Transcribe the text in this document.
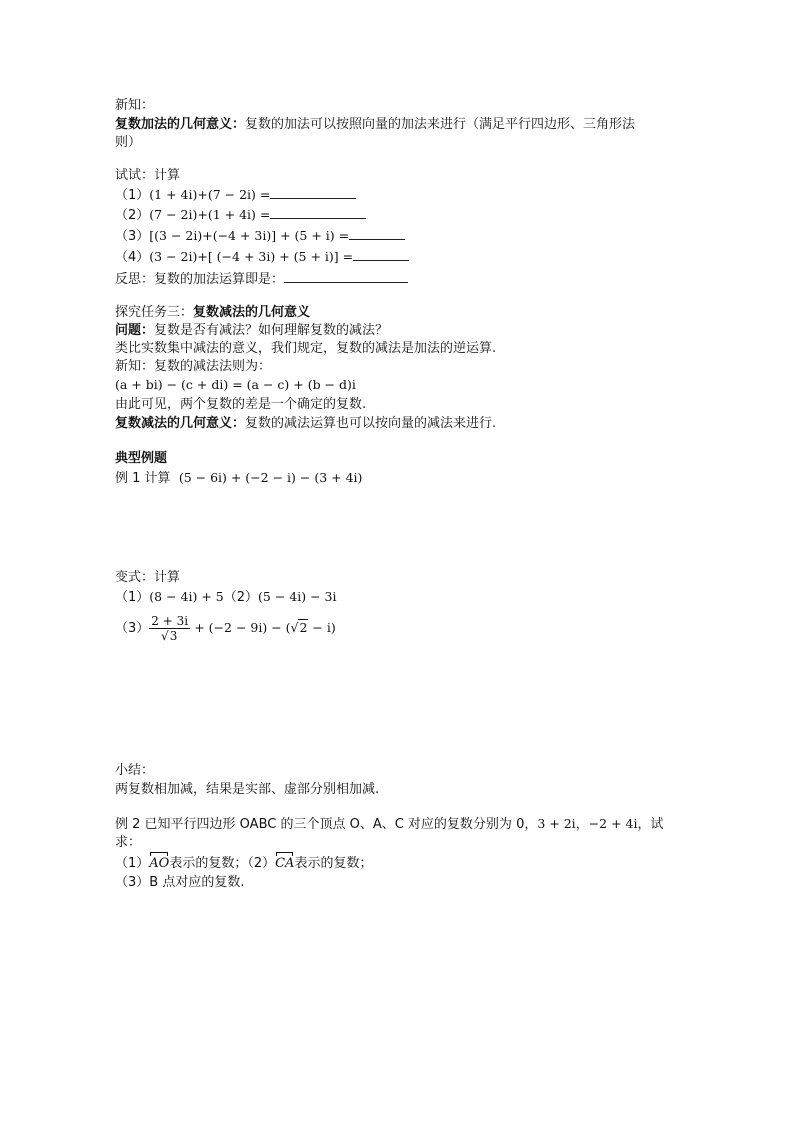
新知：
复数加法的几何意义：复数的加法可以按照向量的加法来进行（满足平行四边形、三角形法
则）
试试：计算
（1）(1 + 4i)+(7 − 2i) =
（2）(7 − 2i)+(1 + 4i) =
（3）[(3 − 2i)+(−4 + 3i)] + (5 + i) =
（4）(3 − 2i)+[ (−4 + 3i) + (5 + i)] =
反思：复数的加法运算即是：
探究任务三：复数减法的几何意义
问题：复数是否有减法？如何理解复数的减法？
类比实数集中减法的意义，我们规定，复数的减法是加法的逆运算.
新知：复数的减法法则为：
(a + bi) − (c + di) = (a − c) + (b − d)i
由此可见，两个复数的差是一个确定的复数.
复数减法的几何意义：复数的减法运算也可以按向量的减法来进行.
典型例题
例 1 计算 (5 − 6i) + (−2 − i) − (3 + 4i)
变式：计算
（1）(8 − 4i) + 5（2）(5 − 4i) − 3i
$(3) \frac{2 + 3i}{√3} + (-2 - 9i) - (√2 - i)$
小结：
两复数相加减，结果是实部、虚部分别相加减.
例 2 已知平行四边形 OABC 的三个顶点 O、A、C 对应的复数分别为 0，3 + 2i，−2 + 4i，试
求：
（1）AO表示的复数；（2）CA表示的复数；
（3）B 点对应的复数.
